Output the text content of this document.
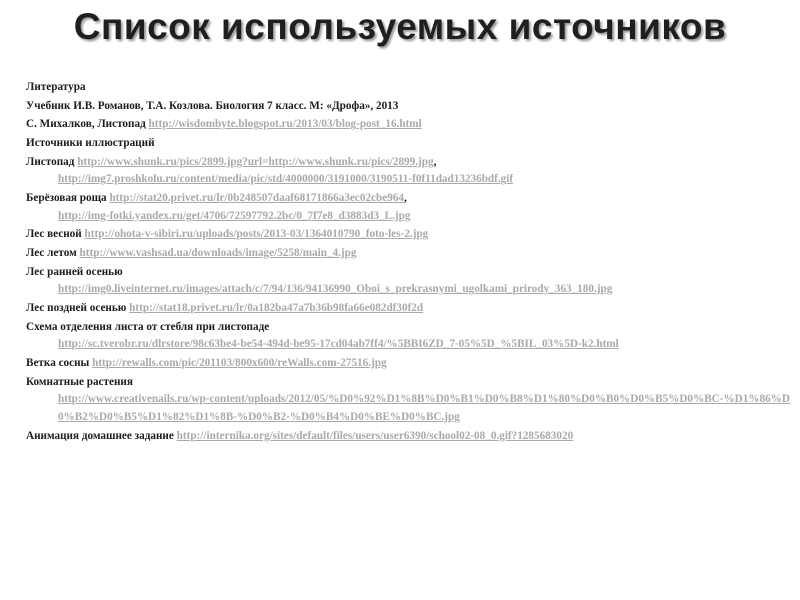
Список используемых источников
Литература
Учебник И.В. Романов, Т.А. Козлова. Биология 7 класс. М: «Дрофа», 2013
С. Михалков, Листопад http://wisdombyte.blogspot.ru/2013/03/blog-post_16.html
Источники иллюстраций
Листопад http://www.shunk.ru/pics/2899.jpg?url=http://www.shunk.ru/pics/2899.jpg,
http://img7.proshkolu.ru/content/media/pic/std/4000000/3191000/3190511-f0f11dad13236bdf.gif
Берёзовая роща http://stat20.privet.ru/lr/0b248507daaf68171866a3ec02cbe964,
http://img-fotki.yandex.ru/get/4706/72597792.2bc/0_7f7e8_d3883d3_L.jpg
Лес весной http://ohota-v-sibiri.ru/uploads/posts/2013-03/1364010790_foto-les-2.jpg
Лес летом http://www.vashsad.ua/downloads/image/5258/main_4.jpg
Лес ранней осенью
http://img0.liveinternet.ru/images/attach/c/7/94/136/94136990_Oboi_s_prekrasnymi_ugolkami_prirody_363_180.jpg
Лес поздней осенью http://stat18.privet.ru/lr/0a182ba47a7b36b98fa66e082df30f2d
Схема отделения листа от стебля при листопаде
http://sc.tverobr.ru/dlrstore/98c63be4-be54-494d-be95-17cd04ab7ff4/%5BBI6ZD_7-05%5D_%5BIL_03%5D-k2.html
Ветка сосны http://rewalls.com/pic/201103/800x600/reWalls.com-27516.jpg
Комнатные растения
http://www.creativenails.ru/wp-content/uploads/2012/05/%D0%92%D1%8B%D0%B1%D0%B8%D1%80%D0%B0%D0%B5%D0%BC-%D1%86%D0%B2%D0%B5%D1%82%D1%8B-%D0%B2-%D0%B4%D0%BE%D0%BC.jpg
Анимация домашнее задание http://internika.org/sites/default/files/users/user6390/school02-08_0.gif?1285683020
